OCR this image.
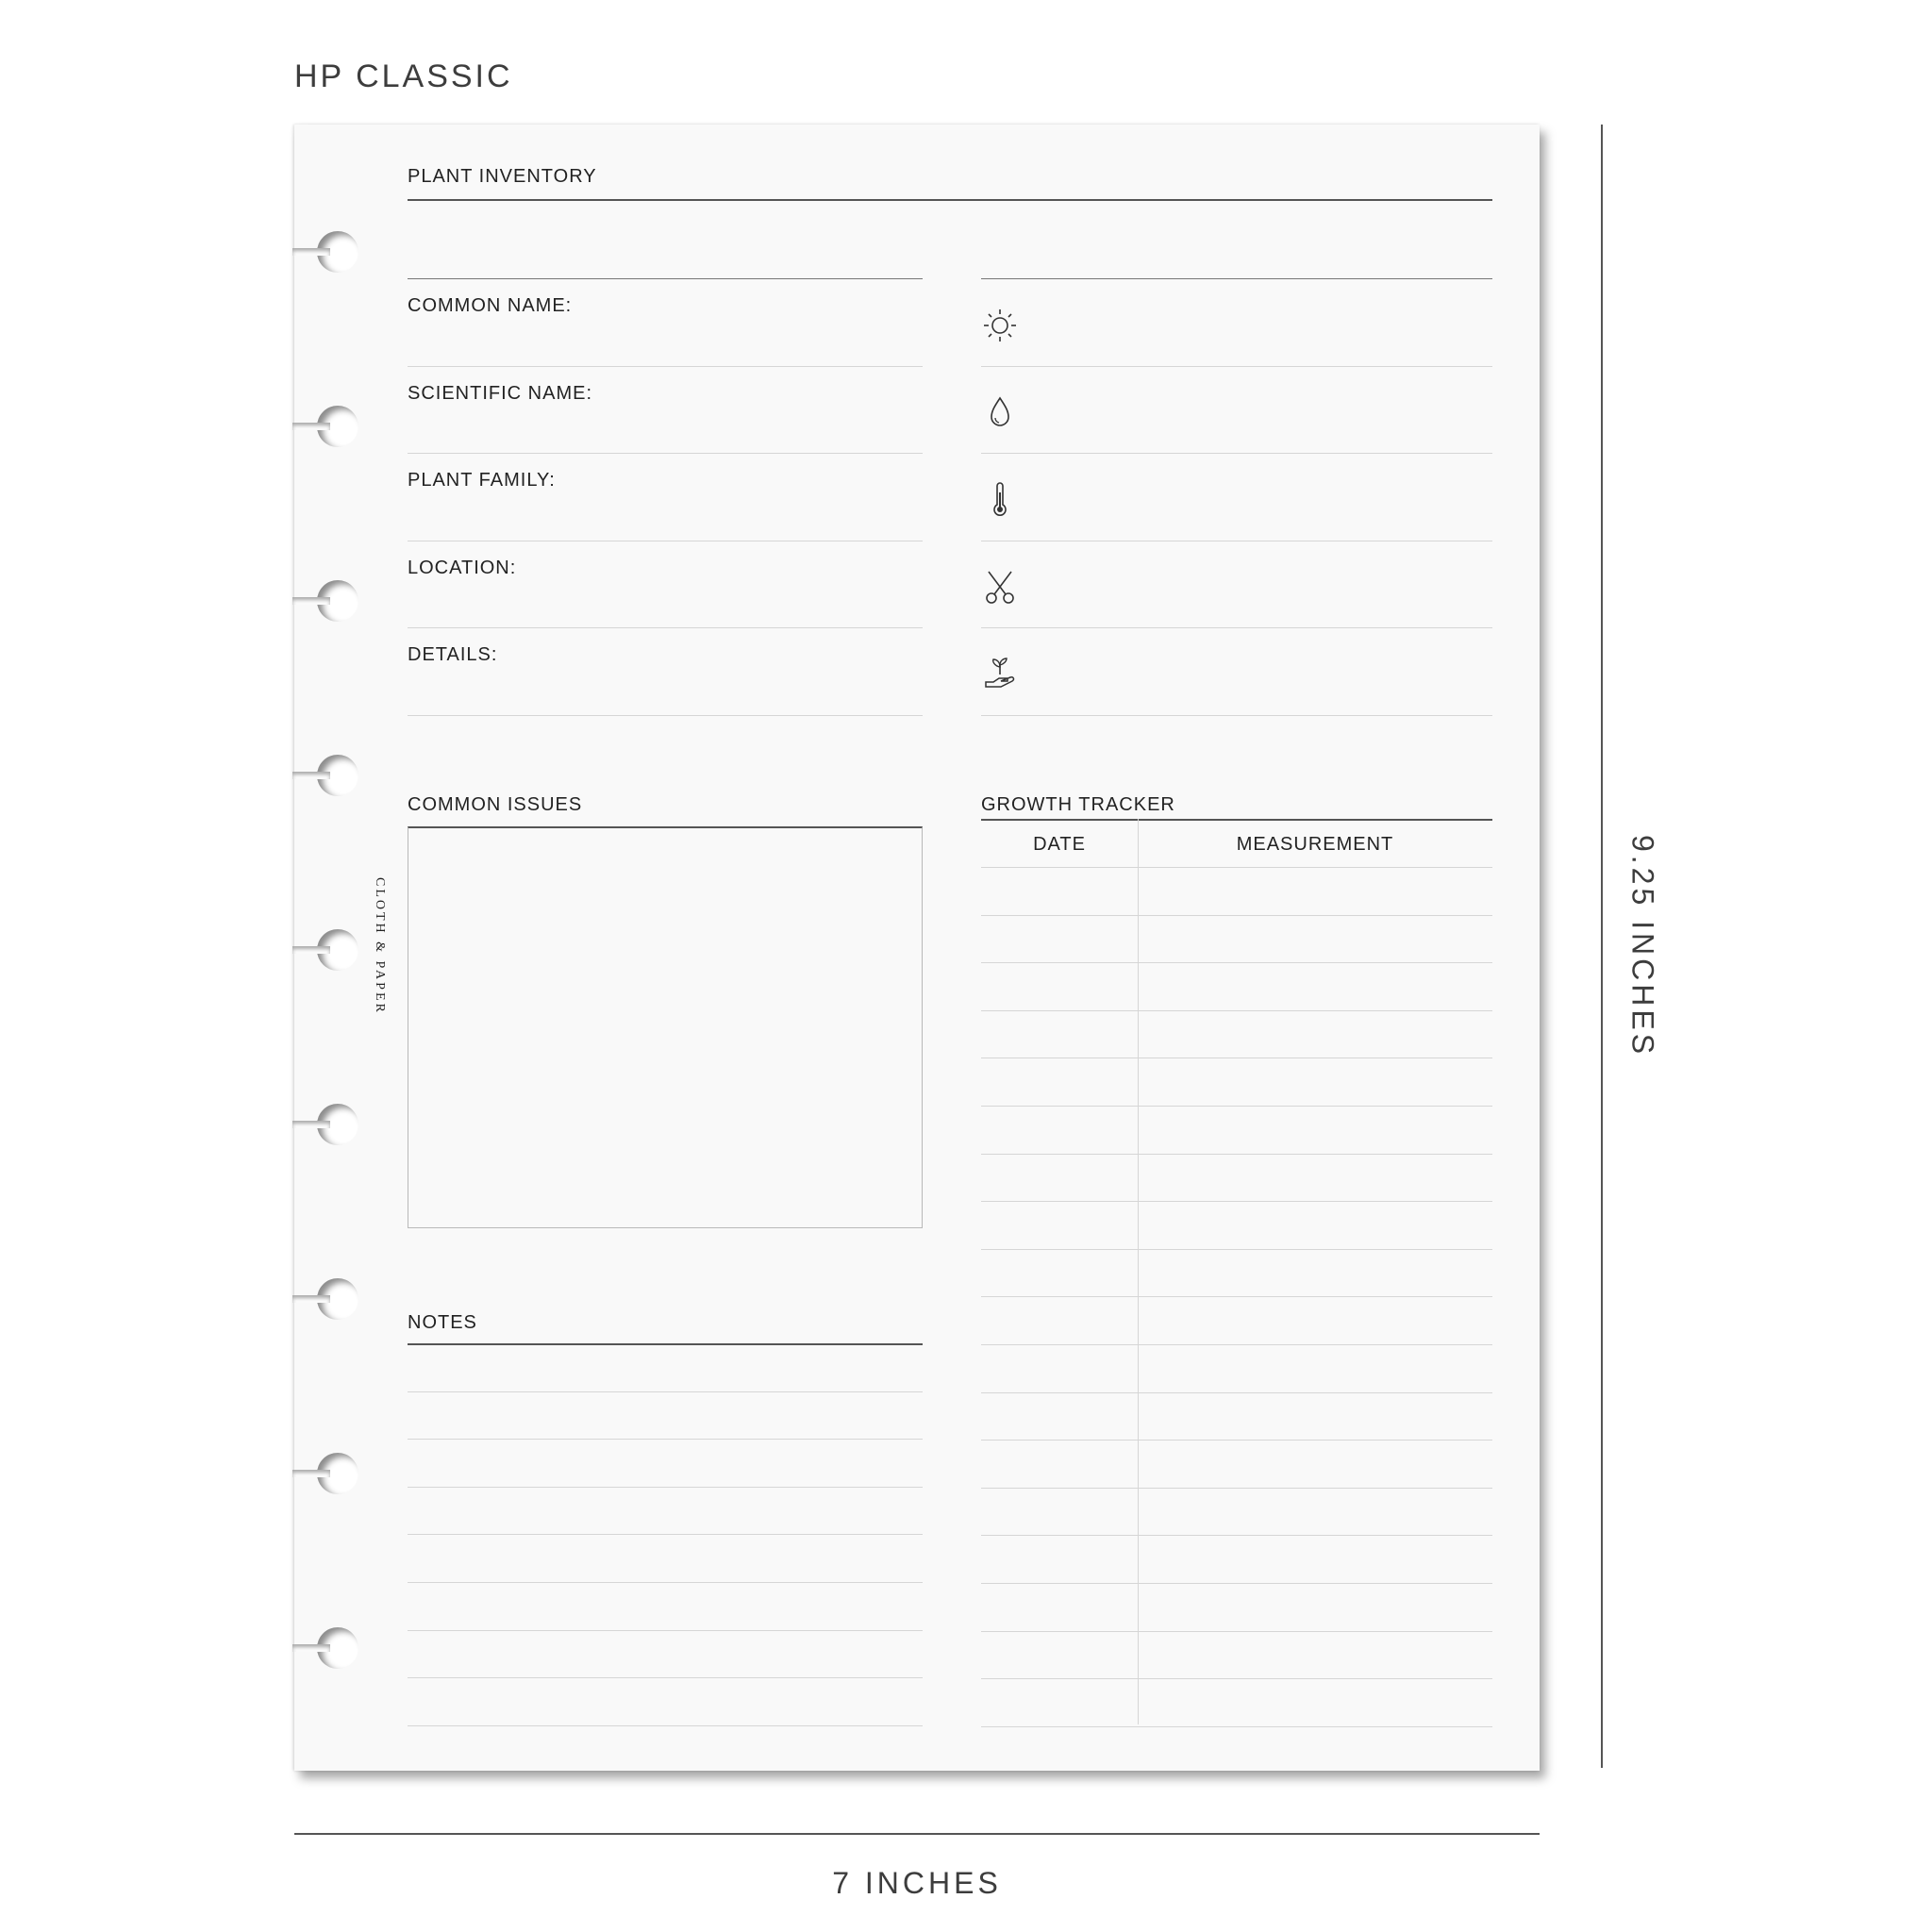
HP CLASSIC
PLANT INVENTORY
COMMON NAME:
SCIENTIFIC NAME:
PLANT FAMILY:
LOCATION:
DETAILS:
COMMON ISSUES
NOTES
GROWTH TRACKER
DATE	MEASUREMENT
CLOTH & PAPER	9.25 INCHES
7 INCHES
